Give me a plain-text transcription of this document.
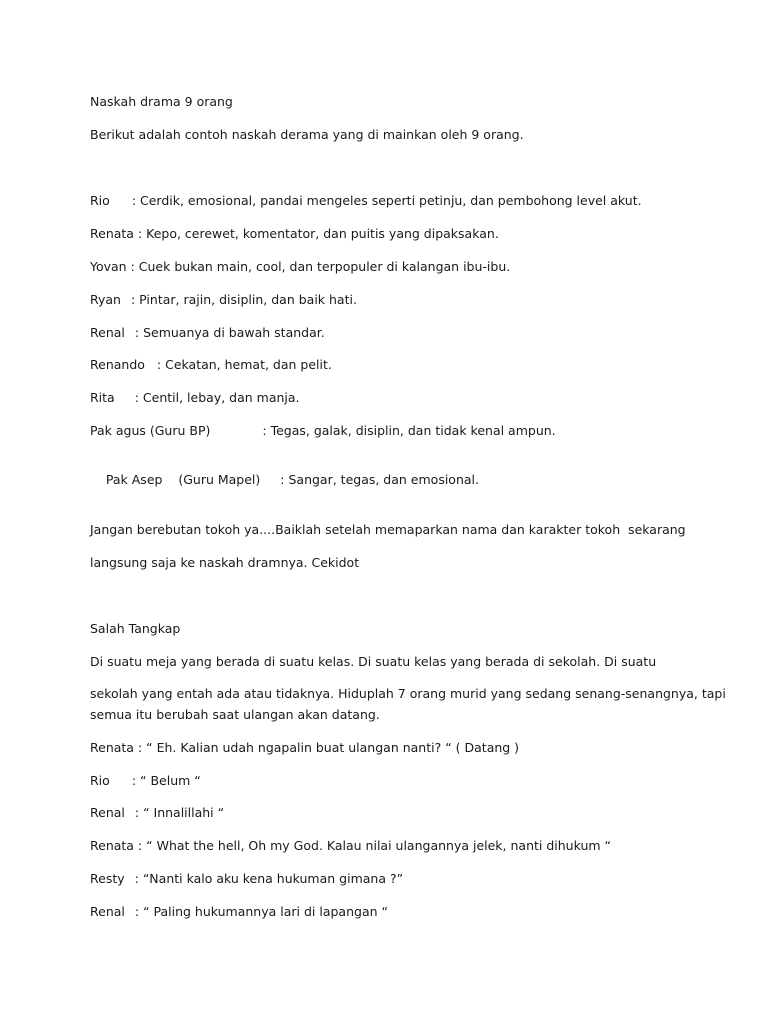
Naskah drama 9 orang
Berikut adalah contoh naskah derama yang di mainkan oleh 9 orang.
Rio : Cerdik, emosional, pandai mengeles seperti petinju, dan pembohong level akut.
Renata : Kepo, cerewet, komentator, dan puitis yang dipaksakan.
Yovan : Cuek bukan main, cool, dan terpopuler di kalangan ibu-ibu.
Ryan : Pintar, rajin, disiplin, dan baik hati.
Renal : Semuanya di bawah standar.
Renando : Cekatan, hemat, dan pelit.
Rita : Centil, lebay, dan manja.
Pak agus (Guru BP)	: Tegas, galak, disiplin, dan tidak kenal ampun.

Pak Asep    (Guru Mapel) : Sangar, tegas, dan emosional.

Jangan berebutan tokoh ya....Baiklah setelah memaparkan nama dan karakter tokoh  sekarang
langsung saja ke naskah dramnya. Cekidot
Salah Tangkap
Di suatu meja yang berada di suatu kelas. Di suatu kelas yang berada di sekolah. Di suatu
sekolah yang entah ada atau tidaknya. Hiduplah 7 orang murid yang sedang senang-senangnya, tapi
semua itu berubah saat ulangan akan datang.
Renata : “ Eh. Kalian udah ngapalin buat ulangan nanti? “ ( Datang )
Rio : “ Belum “
Renal : “ Innalillahi “
Renata : “ What the hell, Oh my God. Kalau nilai ulangannya jelek, nanti dihukum “
Resty : “Nanti kalo aku kena hukuman gimana ?”
Renal : “ Paling hukumannya lari di lapangan “
